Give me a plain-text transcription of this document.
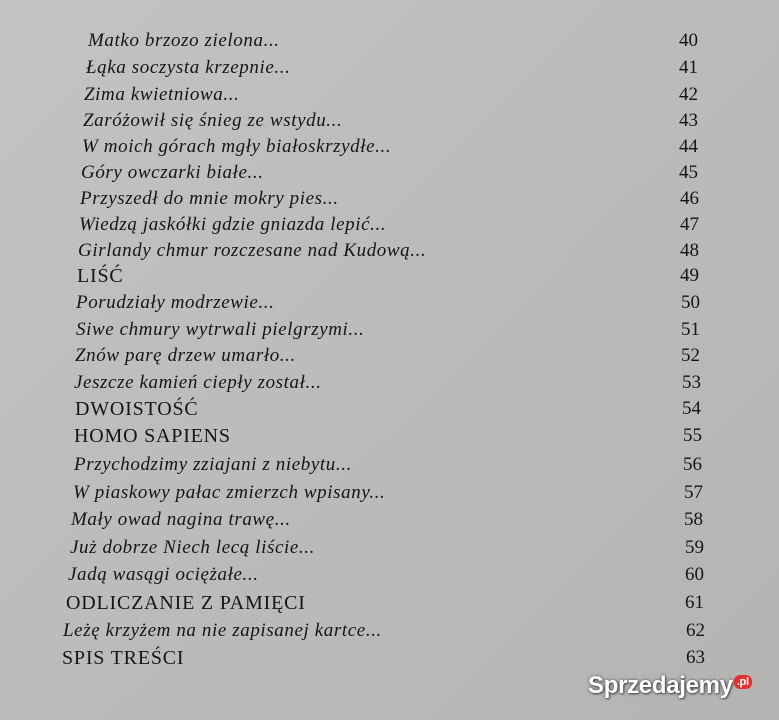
Matko brzozo zielona...	40
Łąka soczysta krzepnie...	41
Zima kwietniowa...	42
Zaróżowił się śnieg ze wstydu...	43
W moich górach mgły białoskrzydłe...	44
Góry owczarki białe...	45
Przyszedł do mnie mokry pies...	46
Wiedzą jaskółki gdzie gniazda lepić...	47
Girlandy chmur rozczesane nad Kudową...	48
LIŚĆ	49
Porudziały modrzewie...	50
Siwe chmury wytrwali pielgrzymi...	51
Znów parę drzew umarło...	52
Jeszcze kamień ciepły został...	53
DWOISTOŚĆ	54
HOMO SAPIENS	55
Przychodzimy zziajani z niebytu...	56
W piaskowy pałac zmierzch wpisany...	57
Mały owad nagina trawę...	58
Już dobrze Niech lecą liście...	59
Jadą wasągi ociężałe...	60
ODLICZANIE Z PAMIĘCI	61
Leżę krzyżem na nie zapisanej kartce...	62
SPIS TREŚCI	63
Sprzedajemy $^{.pl}$
